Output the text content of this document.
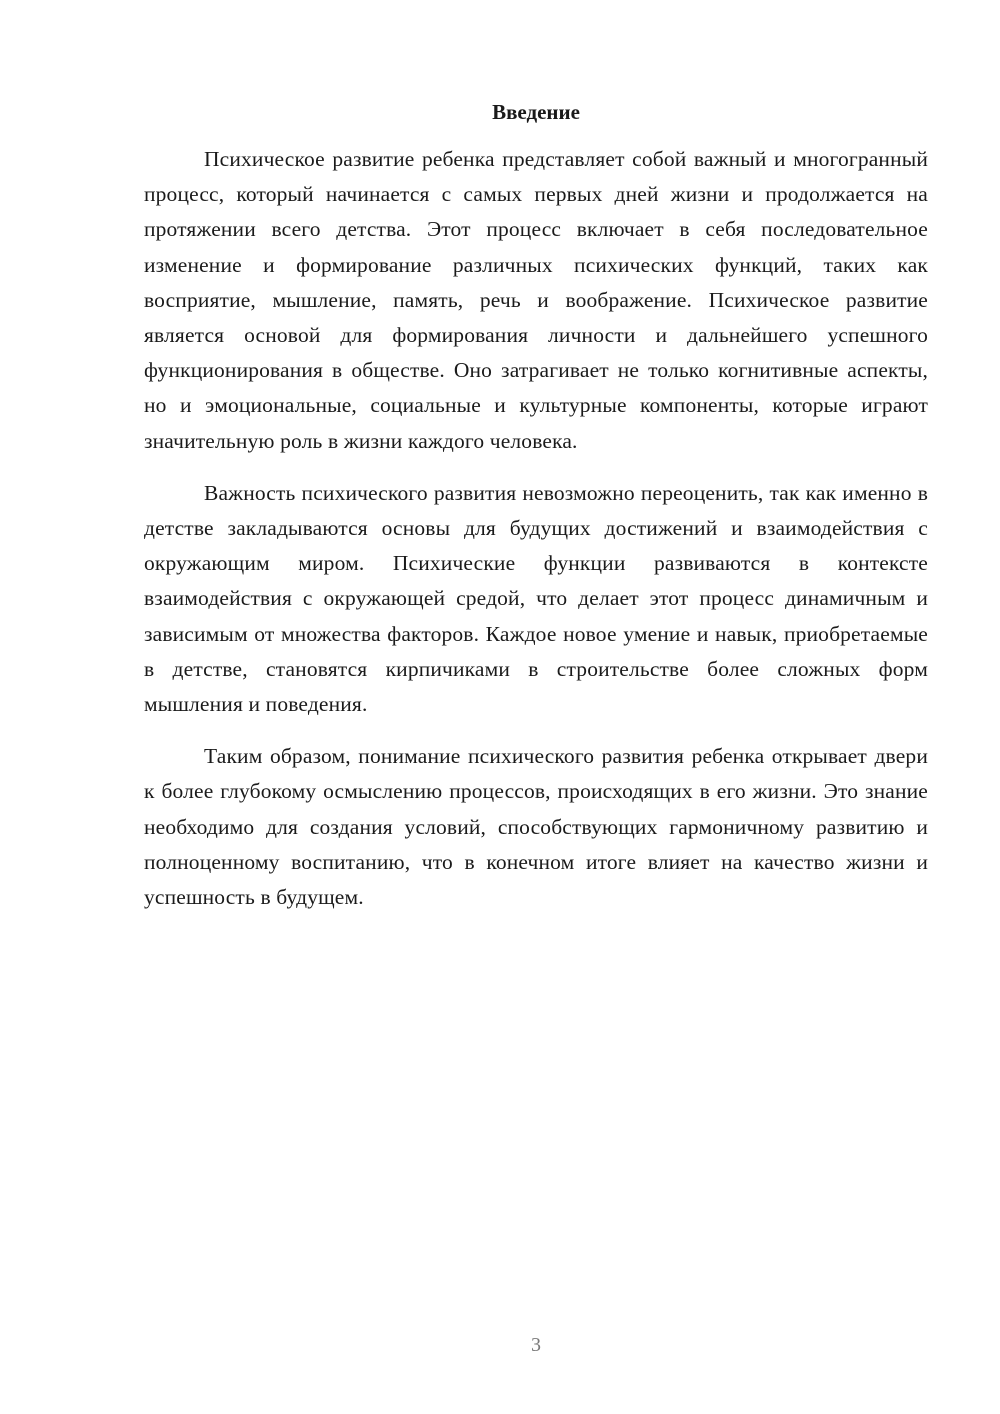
Введение

Психическое развитие ребенка представляет собой важный и многогранный процесс, который начинается с самых первых дней жизни и продолжается на протяжении всего детства. Этот процесс включает в себя последовательное изменение и формирование различных психических функций, таких как восприятие, мышление, память, речь и воображение. Психическое развитие является основой для формирования личности и дальнейшего успешного функционирования в обществе. Оно затрагивает не только когнитивные аспекты, но и эмоциональные, социальные и культурные компоненты, которые играют значительную роль в жизни каждого человека.

Важность психического развития невозможно переоценить, так как именно в детстве закладываются основы для будущих достижений и взаимодействия с окружающим миром. Психические функции развиваются в контексте взаимодействия с окружающей средой, что делает этот процесс динамичным и зависимым от множества факторов. Каждое новое умение и навык, приобретаемые в детстве, становятся кирпичиками в строительстве более сложных форм мышления и поведения.

Таким образом, понимание психического развития ребенка открывает двери к более глубокому осмыслению процессов, происходящих в его жизни. Это знание необходимо для создания условий, способствующих гармоничному развитию и полноценному воспитанию, что в конечном итоге влияет на качество жизни и успешность в будущем.

3
